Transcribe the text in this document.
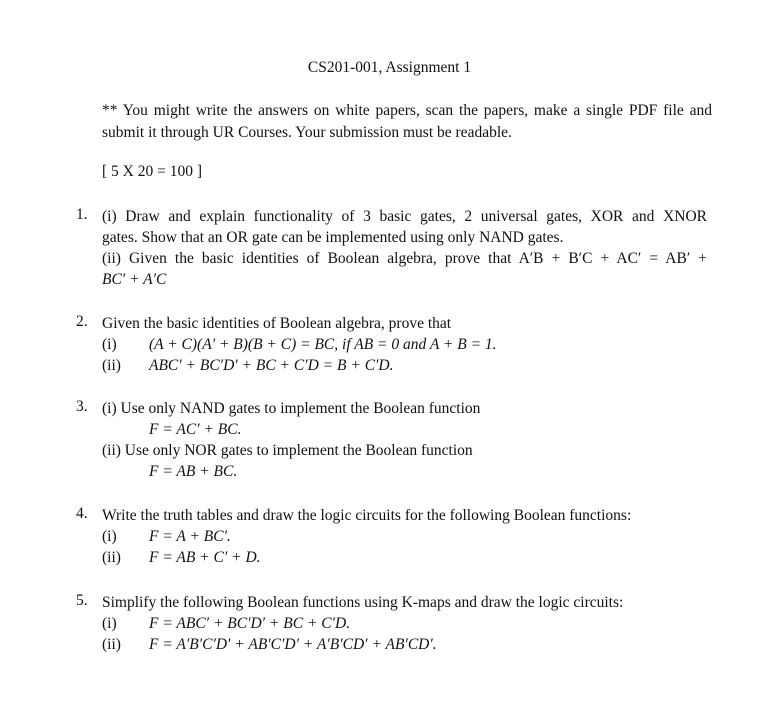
CS201-001, Assignment 1
** You might write the answers on white papers, scan the papers, make a single PDF file and submit it through UR Courses. Your submission must be readable.
[ 5 X 20 = 100 ]
1. (i) Draw and explain functionality of 3 basic gates, 2 universal gates, XOR and XNOR
gates. Show that an OR gate can be implemented using only NAND gates.
(ii) Given the basic identities of Boolean algebra, prove that A′B + B′C + AC′ = AB′ +
BC′ + A′C
2. Given the basic identities of Boolean algebra, prove that
(i) (A + C)(A′ + B)(B + C) = BC, if AB = 0 and A + B = 1.
(ii) ABC′ + BC′D′ + BC + C′D = B + C′D.
3. (i) Use only NAND gates to implement the Boolean function
F = AC′ + BC.
(ii) Use only NOR gates to implement the Boolean function
F = AB + BC.
4. Write the truth tables and draw the logic circuits for the following Boolean functions:
(i) F = A + BC′.
(ii) F = AB + C′ + D.
5. Simplify the following Boolean functions using K-maps and draw the logic circuits:
(i) F = ABC′ + BC′D′ + BC + C′D.
(ii) F = A′B′C′D′ + AB′C′D′ + A′B′CD′ + AB′CD′.
